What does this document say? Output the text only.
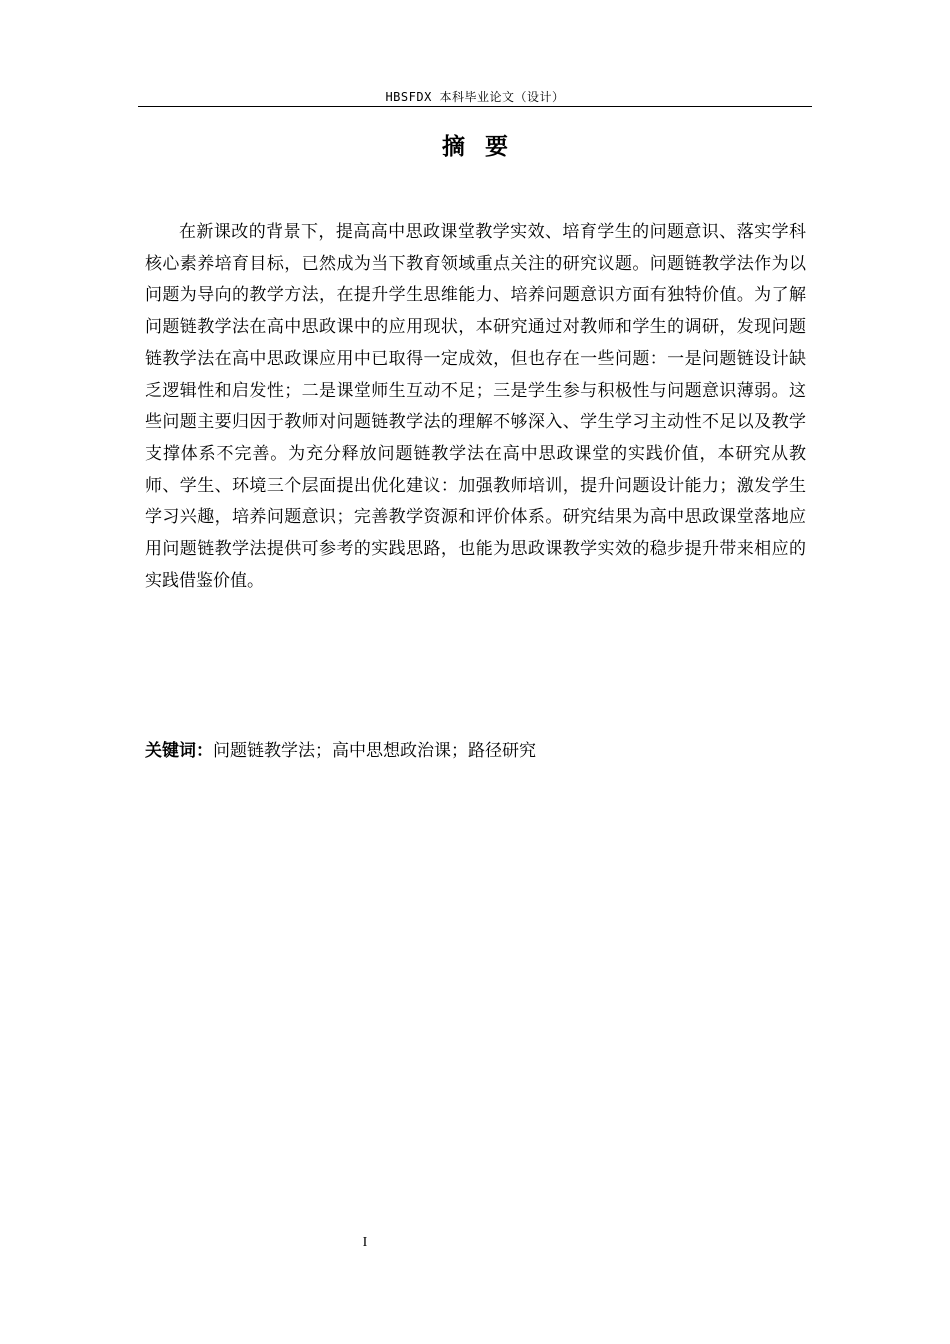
HBSFDX 本科毕业论文（设计）
摘要

在新课改的背景下，提高高中思政课堂教学实效、培育学生的问题意识、落实学科核心素养培育目标，已然成为当下教育领域重点关注的研究议题。问题链教学法作为以问题为导向的教学方法，在提升学生思维能力、培养问题意识方面有独特价值。为了解问题链教学法在高中思政课中的应用现状，本研究通过对教师和学生的调研，发现问题链教学法在高中思政课应用中已取得一定成效，但也存在一些问题：一是问题链设计缺乏逻辑性和启发性；二是课堂师生互动不足；三是学生参与积极性与问题意识薄弱。这些问题主要归因于教师对问题链教学法的理解不够深入、学生学习主动性不足以及教学支撑体系不完善。为充分释放问题链教学法在高中思政课堂的实践价值，本研究从教师、学生、环境三个层面提出优化建议：加强教师培训，提升问题设计能力；激发学生学习兴趣，培养问题意识；完善教学资源和评价体系。研究结果为高中思政课堂落地应用问题链教学法提供可参考的实践思路，也能为思政课教学实效的稳步提升带来相应的实践借鉴价值。

关键词：问题链教学法；高中思想政治课；路径研究

I
